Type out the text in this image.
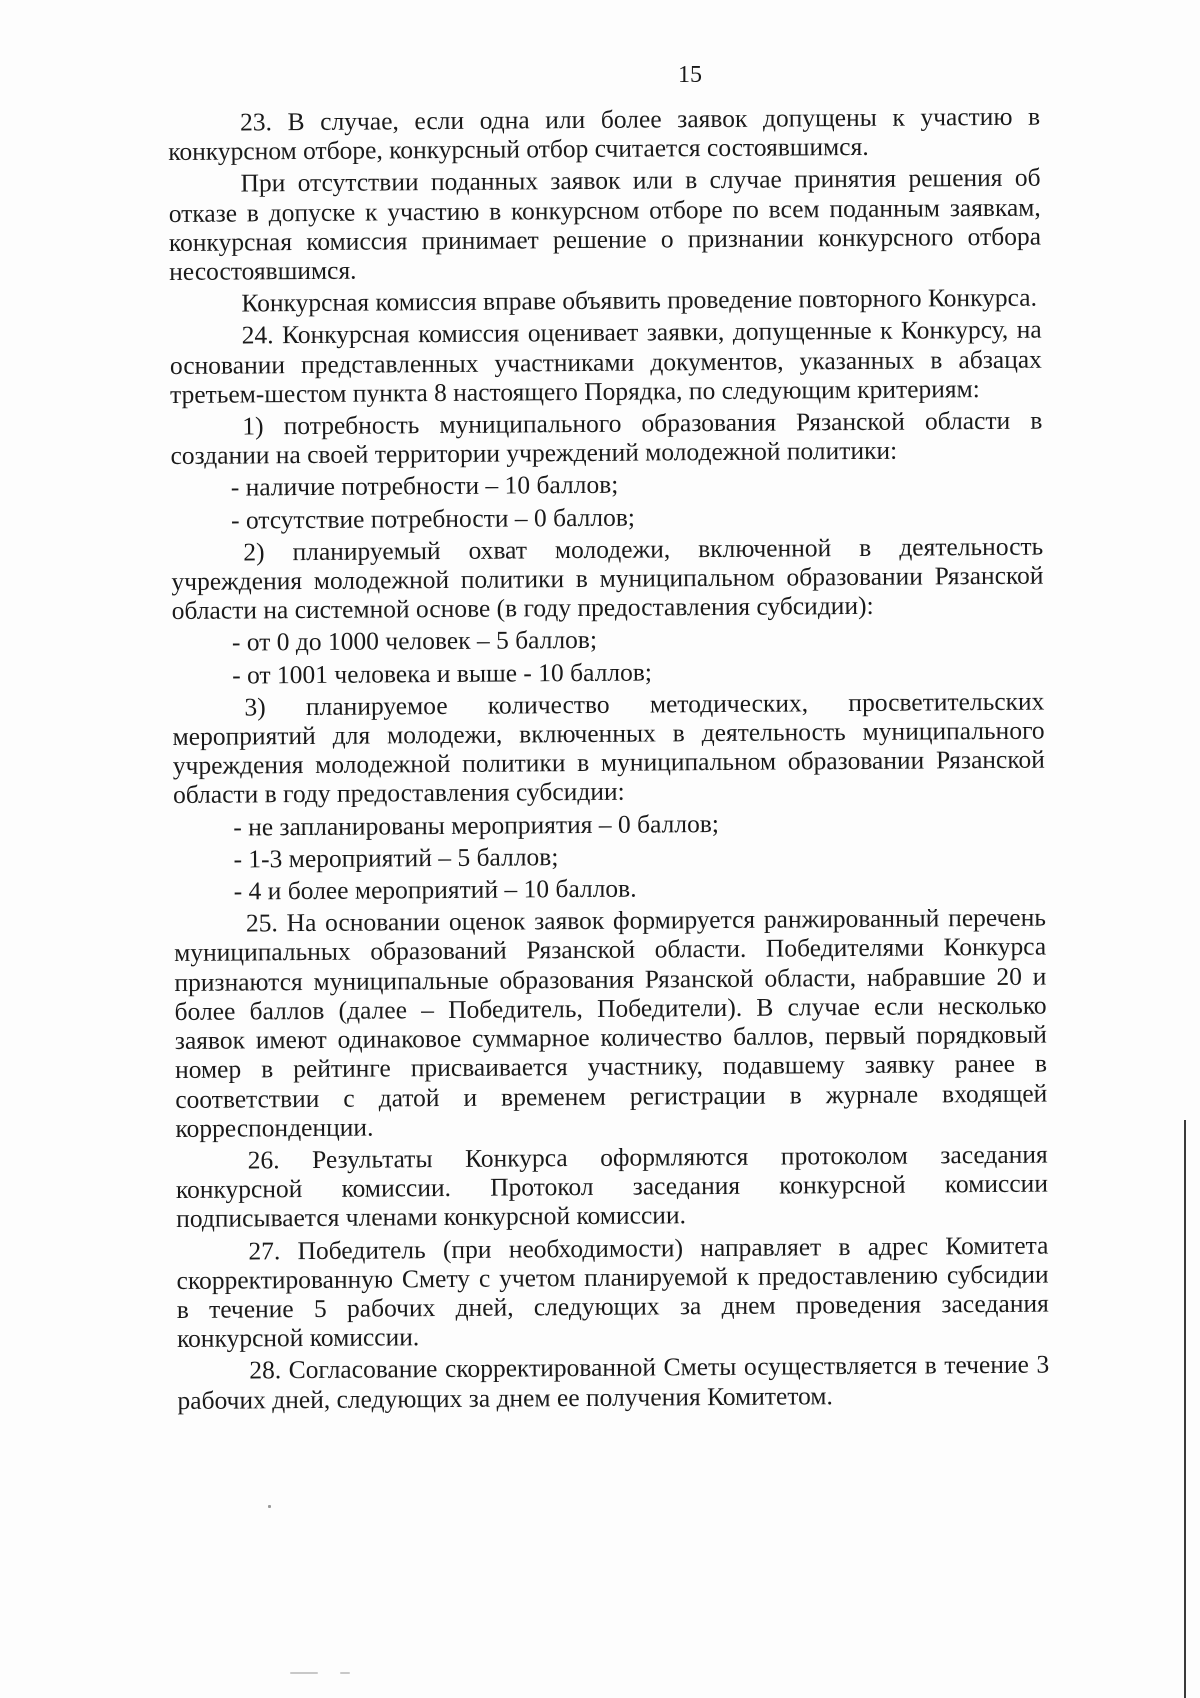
15

23. В случае, если одна или более заявок допущены к участию в конкурсном отборе, конкурсный отбор считается состоявшимся.

При отсутствии поданных заявок или в случае принятия решения об отказе в допуске к участию в конкурсном отборе по всем поданным заявкам, конкурсная комиссия принимает решение о признании конкурсного отбора несостоявшимся.

Конкурсная комиссия вправе объявить проведение повторного Конкурса.

24. Конкурсная комиссия оценивает заявки, допущенные к Конкурсу, на основании представленных участниками документов, указанных в абзацах третьем-шестом пункта 8 настоящего Порядка, по следующим критериям:

1) потребность муниципального образования Рязанской области в создании на своей территории учреждений молодежной политики:

- наличие потребности – 10 баллов;

- отсутствие потребности – 0 баллов;

2) планируемый охват молодежи, включенной в деятельность учреждения молодежной политики в муниципальном образовании Рязанской области на системной основе (в году предоставления субсидии):

- от 0 до 1000 человек – 5 баллов;

- от 1001 человека и выше - 10 баллов;

3) планируемое количество методических, просветительских мероприятий для молодежи, включенных в деятельность муниципального учреждения молодежной политики в муниципальном образовании Рязанской области в году предоставления субсидии:

- не запланированы мероприятия – 0 баллов;

- 1-3 мероприятий – 5 баллов;

- 4 и более мероприятий – 10 баллов.

25. На основании оценок заявок формируется ранжированный перечень муниципальных образований Рязанской области. Победителями Конкурса признаются муниципальные образования Рязанской области, набравшие 20 и более баллов (далее – Победитель, Победители). В случае если несколько заявок имеют одинаковое суммарное количество баллов, первый порядковый номер в рейтинге присваивается участнику, подавшему заявку ранее в соответствии с датой и временем регистрации в журнале входящей корреспонденции.

26. Результаты Конкурса оформляются протоколом заседания конкурсной комиссии. Протокол заседания конкурсной комиссии подписывается членами конкурсной комиссии.

27. Победитель (при необходимости) направляет в адрес Комитета скорректированную Смету с учетом планируемой к предоставлению субсидии в течение 5 рабочих дней, следующих за днем проведения заседания конкурсной комиссии.

28. Согласование скорректированной Сметы осуществляется в течение 3 рабочих дней, следующих за днем ее получения Комитетом.
